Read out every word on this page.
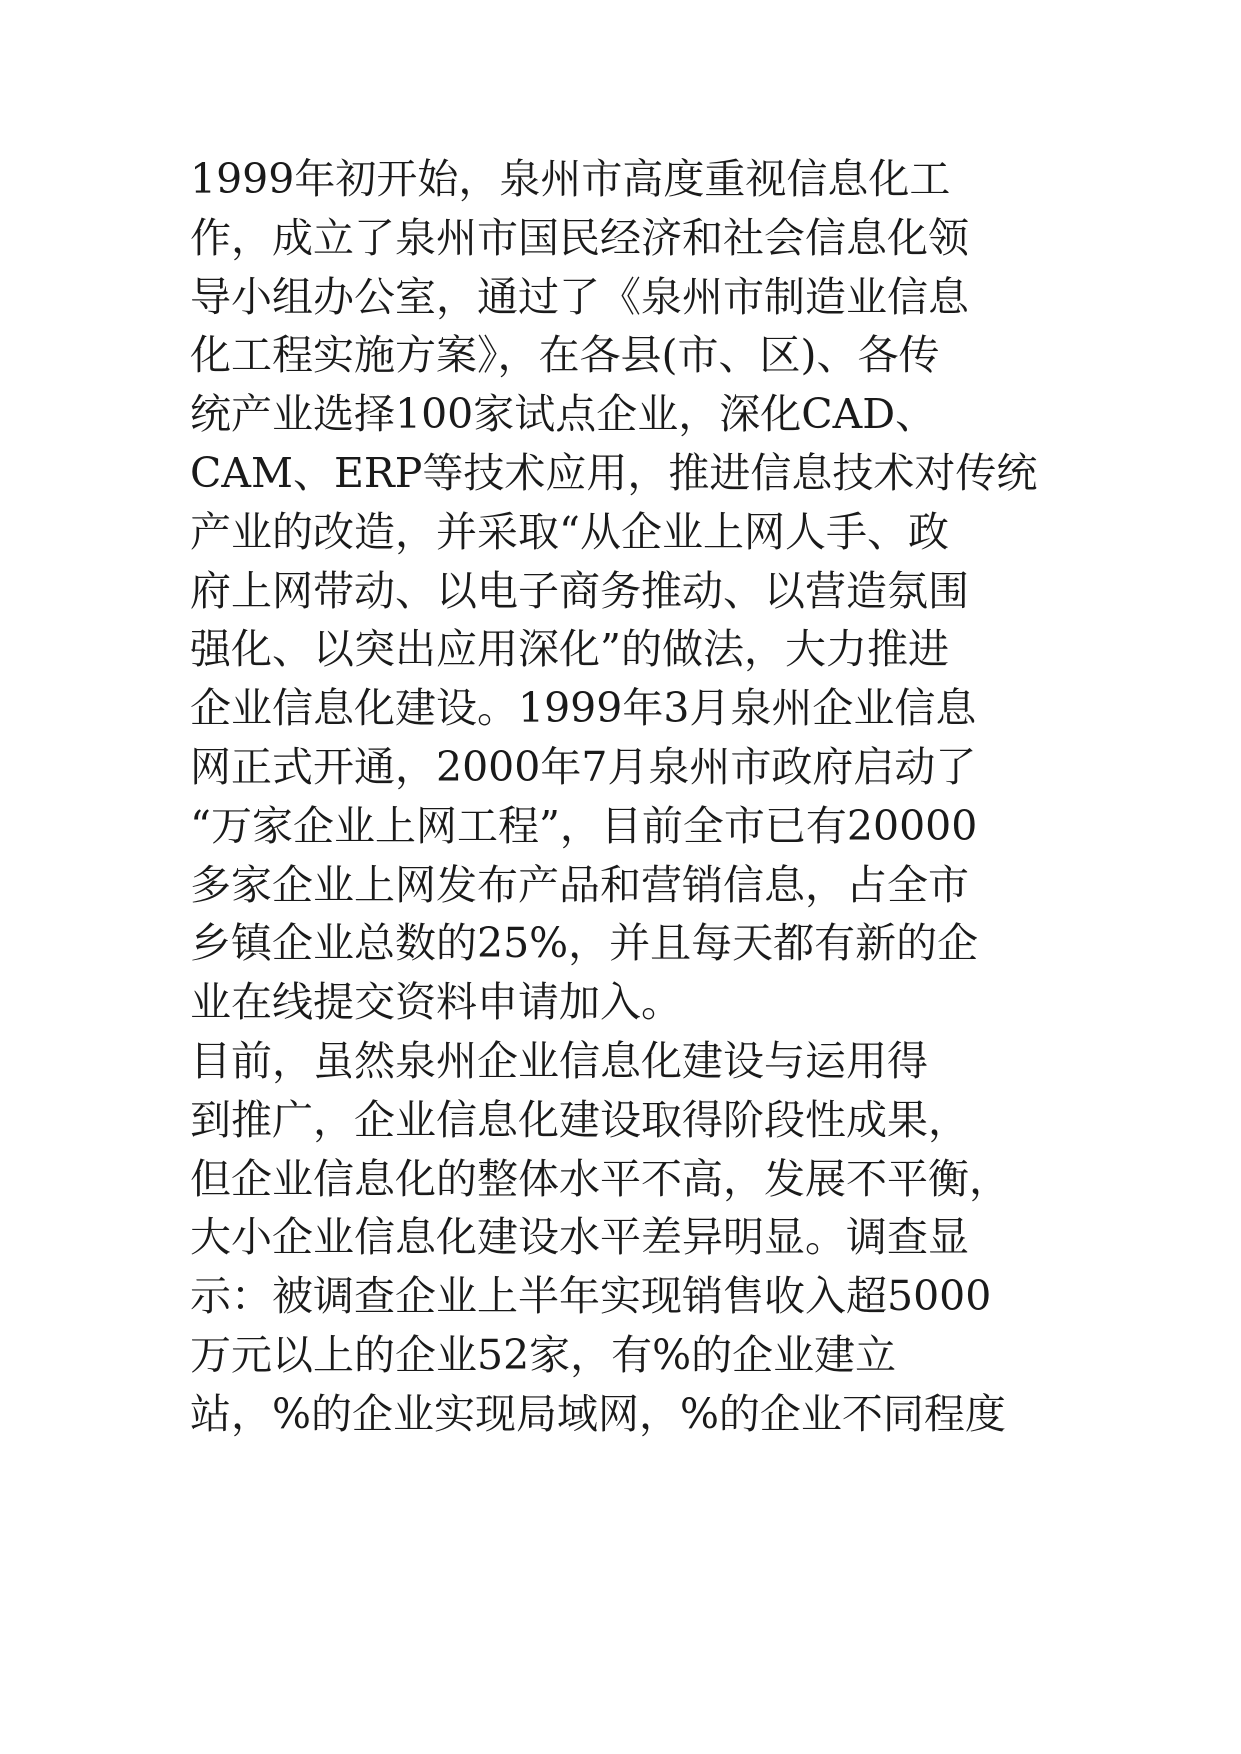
1999年初开始，泉州市高度重视信息化工
作，成立了泉州市国民经济和社会信息化领
导小组办公室，通过了《泉州市制造业信息
化工程实施方案》，在各县(市、区)、各传
统产业选择100家试点企业，深化CAD、
CAM、ERP等技术应用，推进信息技术对传统
产业的改造，并采取“从企业上网人手、政
府上网带动、以电子商务推动、以营造氛围
强化、以突出应用深化”的做法，大力推进
企业信息化建设。1999年3月泉州企业信息
网正式开通，2000年7月泉州市政府启动了
“万家企业上网工程”，目前全市已有20000
多家企业上网发布产品和营销信息，占全市
乡镇企业总数的25%，并且每天都有新的企
业在线提交资料申请加入。
目前，虽然泉州企业信息化建设与运用得
到推广，企业信息化建设取得阶段性成果，
但企业信息化的整体水平不高，发展不平衡，
大小企业信息化建设水平差异明显。调查显
示：被调查企业上半年实现销售收入超5000
万元以上的企业52家，有%的企业建立
站，%的企业实现局域网，%的企业不同程度
